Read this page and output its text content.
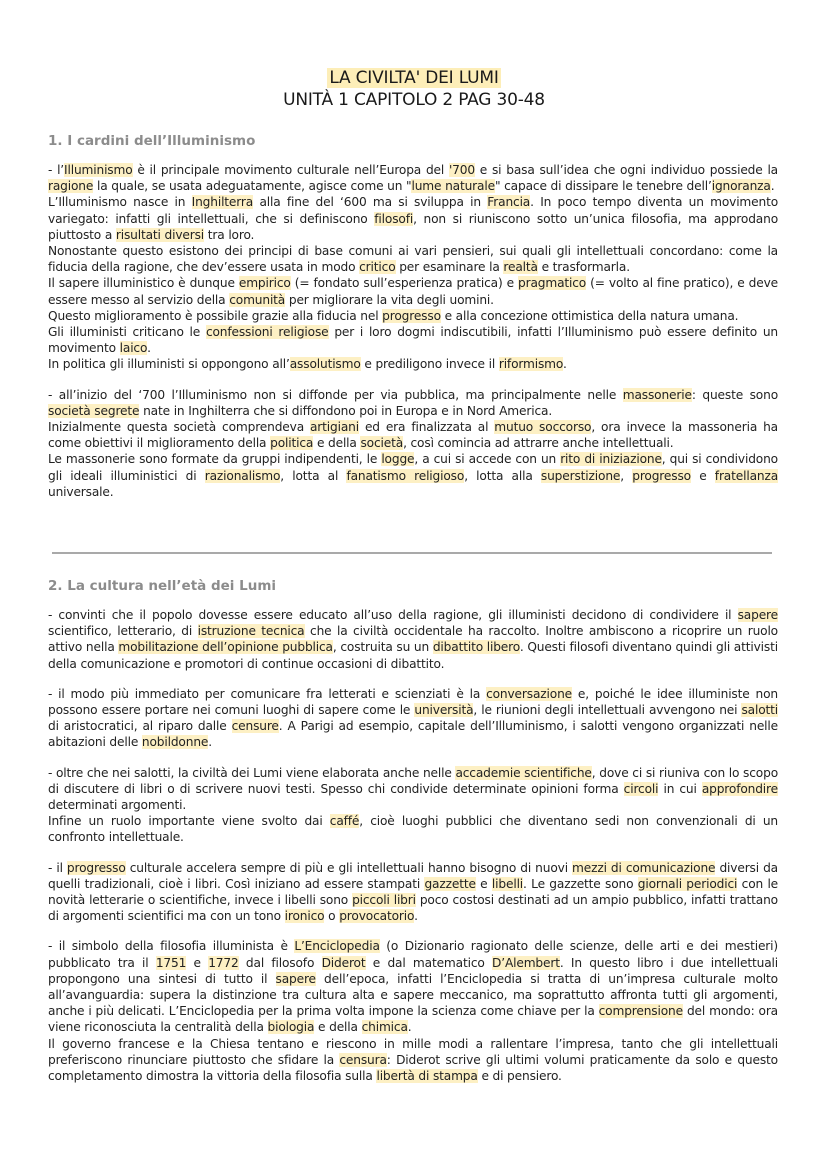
LA CIVILTA' DEI LUMI
UNITÀ 1 CAPITOLO 2 PAG 30-48
1. I cardini dell’Illuminismo

- l’Illuminismo è il principale movimento culturale nell’Europa del '700 e si basa sull’idea che ogni individuo possiede la ragione la quale, se usata adeguatamente, agisce come un "lume naturale" capace di dissipare le tenebre dell’ignoranza.

L’Illuminismo nasce in Inghilterra alla fine del ‘600 ma si sviluppa in Francia. In poco tempo diventa un movimento variegato: infatti gli intellettuali, che si definiscono filosofi, non si riuniscono sotto un’unica filosofia, ma approdano piuttosto a risultati diversi tra loro.

Nonostante questo esistono dei principi di base comuni ai vari pensieri, sui quali gli intellettuali concordano: come la fiducia della ragione, che dev’essere usata in modo critico per esaminare la realtà e trasformarla.

Il sapere illuministico è dunque empirico (= fondato sull’esperienza pratica) e pragmatico (= volto al fine pratico), e deve essere messo al servizio della comunità per migliorare la vita degli uomini.

Questo miglioramento è possibile grazie alla fiducia nel progresso e alla concezione ottimistica della natura umana.

Gli illuministi criticano le confessioni religiose per i loro dogmi indiscutibili, infatti l’Illuminismo può essere definito un movimento laico.

In politica gli illuministi si oppongono all’assolutismo e prediligono invece il riformismo.

- all’inizio del ‘700 l’Illuminismo non si diffonde per via pubblica, ma principalmente nelle massonerie: queste sono società segrete nate in Inghilterra che si diffondono poi in Europa e in Nord America.

Inizialmente questa società comprendeva artigiani ed era finalizzata al mutuo soccorso, ora invece la massoneria ha come obiettivi il miglioramento della politica e della società, così comincia ad attrarre anche intellettuali.

Le massonerie sono formate da gruppi indipendenti, le logge, a cui si accede con un rito di iniziazione, qui si condividono gli ideali illuministici di razionalismo, lotta al fanatismo religioso, lotta alla superstizione, progresso e fratellanza universale.

2. La cultura nell’età dei Lumi

- convinti che il popolo dovesse essere educato all’uso della ragione, gli illuministi decidono di condividere il sapere scientifico, letterario, di istruzione tecnica che la civiltà occidentale ha raccolto. Inoltre ambiscono a ricoprire un ruolo attivo nella mobilitazione dell’opinione pubblica, costruita su un dibattito libero. Questi filosofi diventano quindi gli attivisti della comunicazione e promotori di continue occasioni di dibattito.

- il modo più immediato per comunicare fra letterati e scienziati è la conversazione e, poiché le idee illuministe non possono essere portare nei comuni luoghi di sapere come le università, le riunioni degli intellettuali avvengono nei salotti di aristocratici, al riparo dalle censure. A Parigi ad esempio, capitale dell’Illuminismo, i salotti vengono organizzati nelle abitazioni delle nobildonne.

- oltre che nei salotti, la civiltà dei Lumi viene elaborata anche nelle accademie scientifiche, dove ci si riuniva con lo scopo di discutere di libri o di scrivere nuovi testi. Spesso chi condivide determinate opinioni forma circoli in cui approfondire determinati argomenti.

Infine un ruolo importante viene svolto dai caffé, cioè luoghi pubblici che diventano sedi non convenzionali di un confronto intellettuale.

- il progresso culturale accelera sempre di più e gli intellettuali hanno bisogno di nuovi mezzi di comunicazione diversi da quelli tradizionali, cioè i libri. Così iniziano ad essere stampati gazzette e libelli. Le gazzette sono giornali periodici con le novità letterarie o scientifiche, invece i libelli sono piccoli libri poco costosi destinati ad un ampio pubblico, infatti trattano di argomenti scientifici ma con un tono ironico o provocatorio.

- il simbolo della filosofia illuminista è L’Enciclopedia (o Dizionario ragionato delle scienze, delle arti e dei mestieri) pubblicato tra il 1751 e 1772 dal filosofo Diderot e dal matematico D’Alembert. In questo libro i due intellettuali propongono una sintesi di tutto il sapere dell’epoca, infatti l’Enciclopedia si tratta di un’impresa culturale molto all’avanguardia: supera la distinzione tra cultura alta e sapere meccanico, ma soprattutto affronta tutti gli argomenti, anche i più delicati. L’Enciclopedia per la prima volta impone la scienza come chiave per la comprensione del mondo: ora viene riconosciuta la centralità della biologia e della chimica.

Il governo francese e la Chiesa tentano e riescono in mille modi a rallentare l’impresa, tanto che gli intellettuali preferiscono rinunciare piuttosto che sfidare la censura: Diderot scrive gli ultimi volumi praticamente da solo e questo completamento dimostra la vittoria della filosofia sulla libertà di stampa e di pensiero.
